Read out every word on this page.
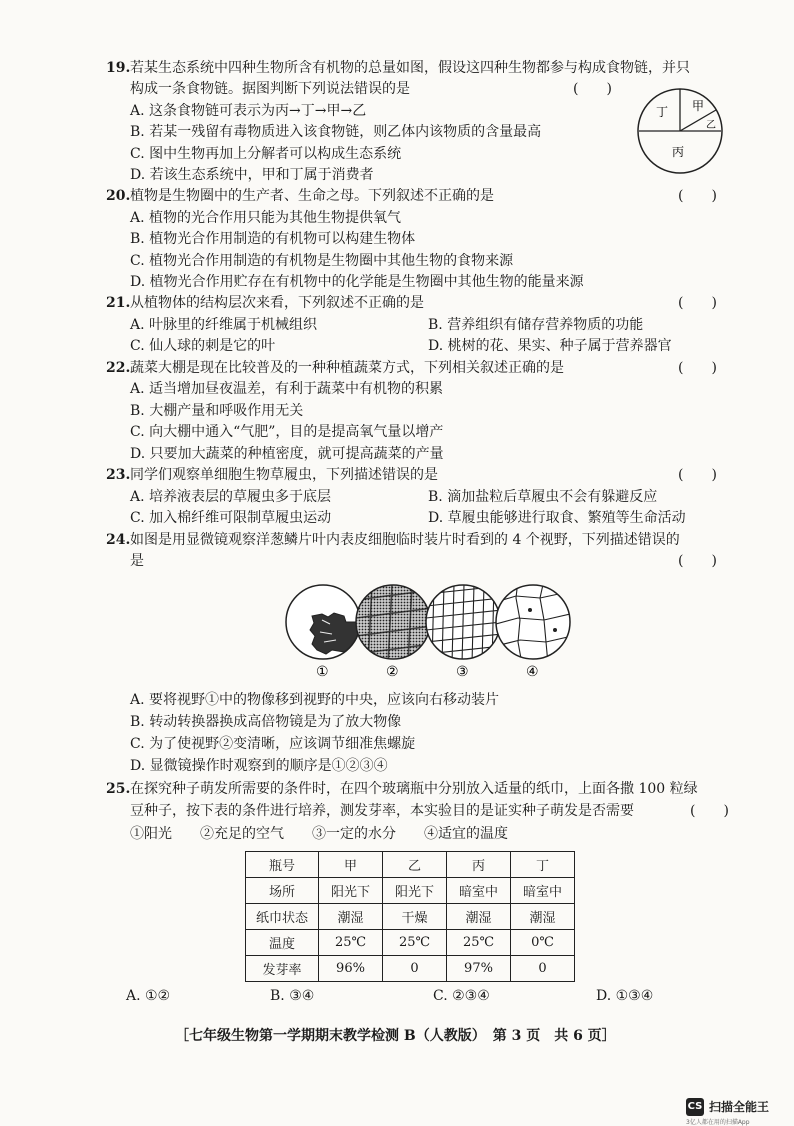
19. 若某生态系统中四种生物所含有机物的总量如图，假设这四种生物都参与构成食物链，并只
构成一条食物链。据图判断下列说法错误的是	(　　)
A. 这条食物链可表示为丙→丁→甲→乙
B. 若某一残留有毒物质进入该食物链，则乙体内该物质的含量最高
C. 图中生物再加上分解者可以构成生态系统
D. 若该生态系统中，甲和丁属于消费者
丁 甲
乙
丙
20. 植物是生物圈中的生产者、生命之母。下列叙述不正确的是	(　　)
A. 植物的光合作用只能为其他生物提供氧气
B. 植物光合作用制造的有机物可以构建生物体
C. 植物光合作用制造的有机物是生物圈中其他生物的食物来源
D. 植物光合作用贮存在有机物中的化学能是生物圈中其他生物的能量来源
21. 从植物体的结构层次来看，下列叙述不正确的是	(　　)
A. 叶脉里的纤维属于机械组织	B. 营养组织有储存营养物质的功能
C. 仙人球的刺是它的叶	D. 桃树的花、果实、种子属于营养器官
22. 蔬菜大棚是现在比较普及的一种种植蔬菜方式，下列相关叙述正确的是	(　　)
A. 适当增加昼夜温差，有利于蔬菜中有机物的积累
B. 大棚产量和呼吸作用无关
C. 向大棚中通入“气肥”，目的是提高氧气量以增产
D. 只要加大蔬菜的种植密度，就可提高蔬菜的产量
23. 同学们观察单细胞生物草履虫，下列描述错误的是	(　　)
A. 培养液表层的草履虫多于底层	B. 滴加盐粒后草履虫不会有躲避反应
C. 加入棉纤维可限制草履虫运动	D. 草履虫能够进行取食、繁殖等生命活动
24. 如图是用显微镜观察洋葱鳞片叶内表皮细胞临时装片时看到的 4 个视野，下列描述错误的
是	(　　)
①	②	③	④
A. 要将视野①中的物像移到视野的中央，应该向右移动装片
B. 转动转换器换成高倍物镜是为了放大物像
C. 为了使视野②变清晰，应该调节细准焦螺旋
D. 显微镜操作时观察到的顺序是①②③④
25. 在探究种子萌发所需要的条件时，在四个玻璃瓶中分别放入适量的纸巾，上面各撒 100 粒绿
豆种子，按下表的条件进行培养，测发芽率，本实验目的是证实种子萌发是否需要	(　　)
①阳光　　②充足的空气　　③一定的水分　　④适宜的温度
瓶号	甲	乙	丙	丁
场所	阳光下	阳光下	暗室中	暗室中
纸巾状态	潮湿	干燥	潮湿	潮湿
温度	25℃	25℃	25℃	0℃
发芽率	96%	0	97%	0
A. ①②	B. ③④	C. ②③④	D. ①③④
［七年级生物第一学期期末教学检测 B（人教版）　第 3 页　共 6 页］
CS 扫描全能王
3亿人都在用的扫描App
